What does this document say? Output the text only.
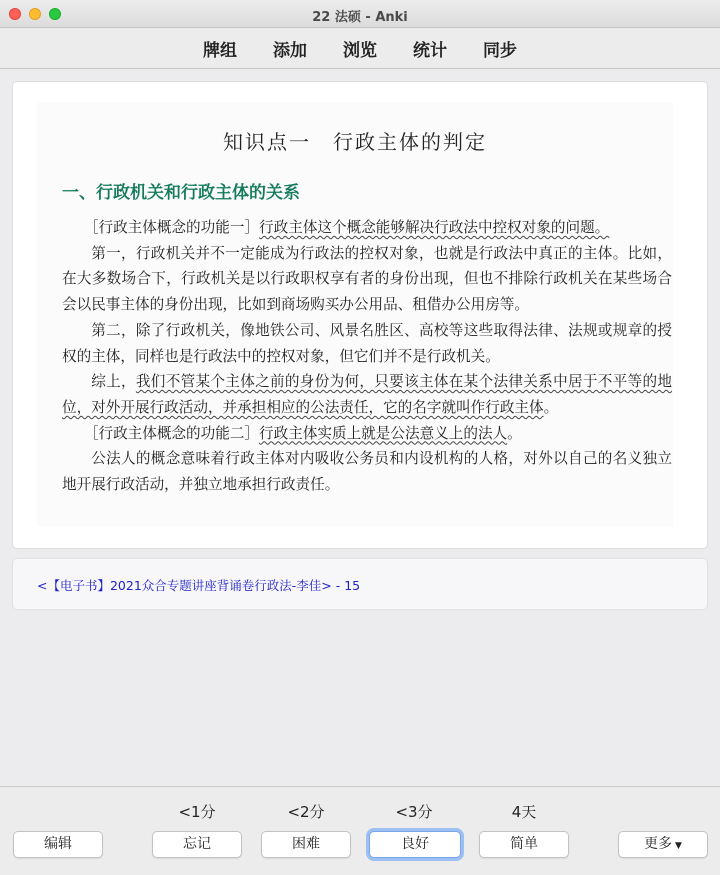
22 法硕 - Anki
牌组	添加	浏览	统计	同步
知识点一　行政主体的判定
一、行政机关和行政主体的关系

［行政主体概念的功能一］行政主体这个概念能够解决行政法中控权对象的问题。

第一，行政机关并不一定能成为行政法的控权对象，也就是行政法中真正的主体。比如，在大多数场合下，行政机关是以行政职权享有者的身份出现，但也不排除行政机关在某些场合会以民事主体的身份出现，比如到商场购买办公用品、租借办公用房等。

第二，除了行政机关，像地铁公司、风景名胜区、高校等这些取得法律、法规或规章的授权的主体，同样也是行政法中的控权对象，但它们并不是行政机关。

综上，我们不管某个主体之前的身份为何，只要该主体在某个法律关系中居于不平等的地位，对外开展行政活动，并承担相应的公法责任，它的名字就叫作行政主体。

［行政主体概念的功能二］行政主体实质上就是公法意义上的法人。

公法人的概念意味着行政主体对内吸收公务员和内设机构的人格，对外以自己的名义独立地开展行政活动，并独立地承担行政责任。

<【电子书】2021众合专题讲座背诵卷行政法-李佳> - 15
编辑
<1分	<2分	<3分	4天
忘记	困难	良好	简单	更多 ▼
